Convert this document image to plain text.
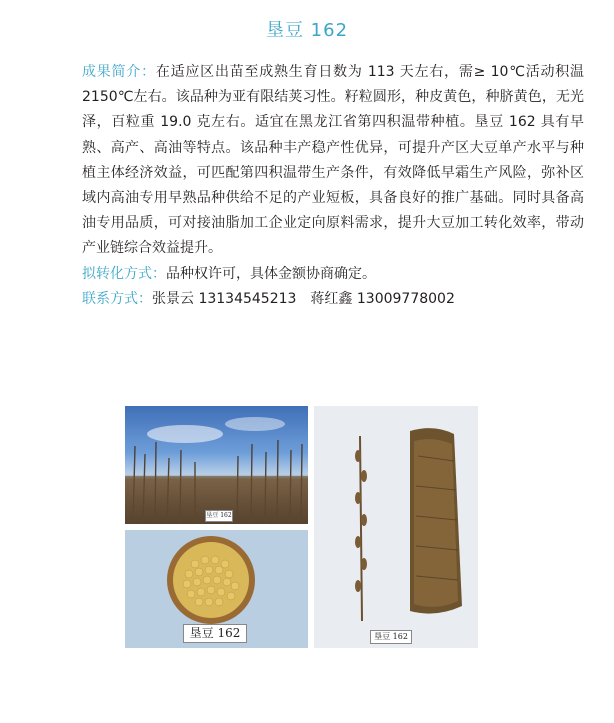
垦豆 162

成果简介：在适应区出苗至成熟生育日数为 113 天左右，需≥ 10℃活动积温 2150℃左右。该品种为亚有限结荚习性。籽粒圆形，种皮黄色，种脐黄色，无光泽，百粒重 19.0 克左右。适宜在黑龙江省第四积温带种植。垦豆 162 具有早熟、高产、高油等特点。该品种丰产稳产性优异，可提升产区大豆单产水平与种植主体经济效益，可匹配第四积温带生产条件，有效降低早霜生产风险，弥补区域内高油专用早熟品种供给不足的产业短板，具备良好的推广基础。同时具备高油专用品质，可对接油脂加工企业定向原料需求，提升大豆加工转化效率，带动产业链综合效益提升。

拟转化方式：品种权许可，具体金额协商确定。

联系方式：张景云 13134545213　蒋红鑫 13009778002

垦豆 162
垦豆 162	垦豆 162
